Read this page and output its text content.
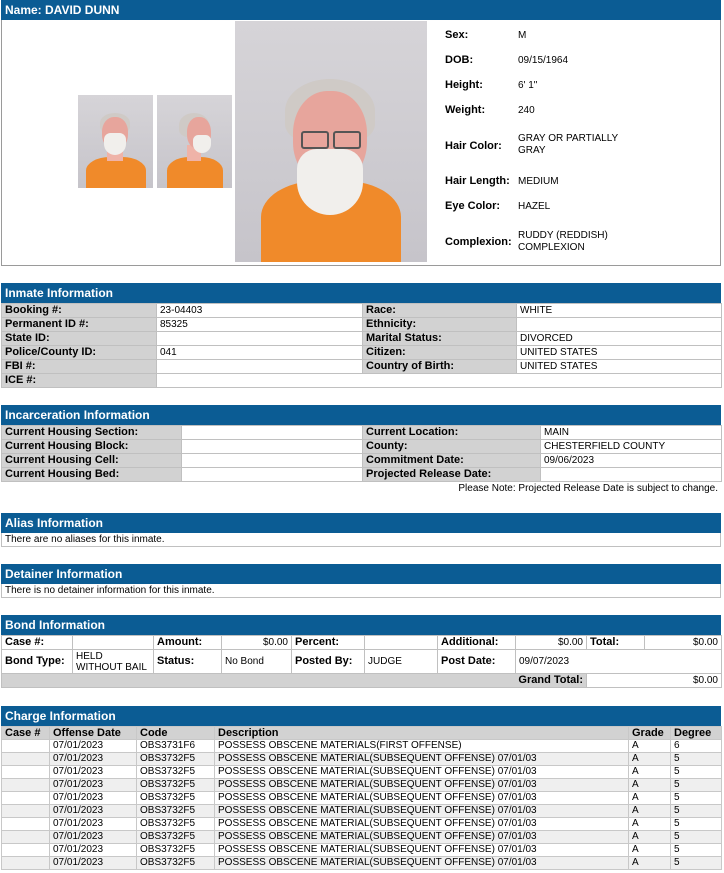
Name: DAVID DUNN
Sex:	M
DOB:	09/15/1964
Height:	6' 1"
Weight:	240
Hair Color:
GRAY OR PARTIALLY GRAY
Hair Length: MEDIUM
Eye Color: HAZEL
Complexion:
RUDDY (REDDISH) COMPLEXION
Inmate Information
Booking #:	23-04403	Race:	WHITE
Permanent ID #:	85325	Ethnicity:	
State ID:		Marital Status:	DIVORCED
Police/County ID:	041	Citizen:	UNITED STATES
FBI #:		Country of Birth:	UNITED STATES
ICE #:			
Incarceration Information
Current Housing Section:		Current Location:	MAIN
Current Housing Block:		County:	CHESTERFIELD COUNTY
Current Housing Cell:		Commitment Date:	09/06/2023
Current Housing Bed:		Projected Release Date:	
Please Note: Projected Release Date is subject to change.
Alias Information
There are no aliases for this inmate.
Detainer Information
There is no detainer information for this inmate.
Bond Information
Case #:		Amount:	$0.00	Percent:		Additional:	$0.00	Total:	$0.00
Bond Type:	HELD WITHOUT BAIL	Status:	No Bond	Posted By:	JUDGE	Post Date:	09/07/2023		
Grand Total:								$0.00	
Charge Information
Case #	Offense Date	Code	Description	Grade	Degree
	07/01/2023	OBS3731F6	POSSESS OBSCENE MATERIALS(FIRST OFFENSE)	A	6
	07/01/2023	OBS3732F5	POSSESS OBSCENE MATERIAL(SUBSEQUENT OFFENSE) 07/01/03	A	5
	07/01/2023	OBS3732F5	POSSESS OBSCENE MATERIAL(SUBSEQUENT OFFENSE) 07/01/03	A	5
	07/01/2023	OBS3732F5	POSSESS OBSCENE MATERIAL(SUBSEQUENT OFFENSE) 07/01/03	A	5
	07/01/2023	OBS3732F5	POSSESS OBSCENE MATERIAL(SUBSEQUENT OFFENSE) 07/01/03	A	5
	07/01/2023	OBS3732F5	POSSESS OBSCENE MATERIAL(SUBSEQUENT OFFENSE) 07/01/03	A	5
	07/01/2023	OBS3732F5	POSSESS OBSCENE MATERIAL(SUBSEQUENT OFFENSE) 07/01/03	A	5
	07/01/2023	OBS3732F5	POSSESS OBSCENE MATERIAL(SUBSEQUENT OFFENSE) 07/01/03	A	5
	07/01/2023	OBS3732F5	POSSESS OBSCENE MATERIAL(SUBSEQUENT OFFENSE) 07/01/03	A	5
	07/01/2023	OBS3732F5	POSSESS OBSCENE MATERIAL(SUBSEQUENT OFFENSE) 07/01/03	A	5
